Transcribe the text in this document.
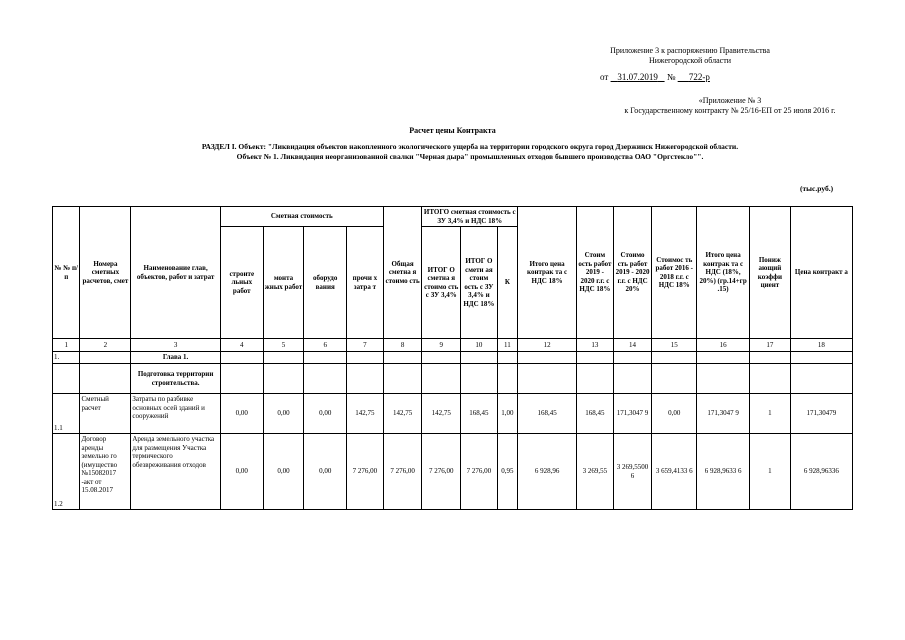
Приложение 3 к распоряжению Правительства
Нижегородской области
от 31.07.2019 № 722-р
«Приложение № 3
к Государственному контракту № 25/16-ЕП от 25 июля 2016 г.
Расчет цены Контракта
РАЗДЕЛ I. Объект: "Ликвидация объектов накопленного экологического ущерба на территории городского округа город Дзержинск Нижегородской области.
Объект № 1. Ликвидация неорганизованной свалки "Черная дыра" промышленных отходов бывшего производства ОАО "Оргстекло"".
(тыс.руб.)
№ № п/ п	Номера сметных расчетов, смет	Наименование глав, объектов, работ и затрат	Сметная стоимость				Общая сметна я стоимо сть	ИТОГО сметная стоимость с ЗУ 3,4% и НДС 18%			Итого цена контрак та с НДС 18%	Стоим ость работ 2019 - 2020 г.г. с НДС 18%	Стоимо сть работ 2019 - 2020 г.г. с НДС 20%	Стоимос ть работ 2016 - 2018 г.г. с НДС 18%	Итого цена контрак та с НДС (18%, 20%) (гр.14+гр .15)	Пониж ающий коэффи циент	Цена контракт а
			строите льных работ	монта жных работ	оборудо вания	прочи х затра т		ИТОГ О сметна я стоимо сть с ЗУ 3,4%	ИТОГ О смети ая стоим ость с ЗУ 3,4% и НДС 18%	К							
1	2	3	4	5	6	7	8	9	10	11	12	13	14	15	16	17	18
1.		Глава 1.															
		Подготовка территории строительства.															
1.1	Сметный расчет	Затраты по разбивке основных осей зданий и сооружений	0,00	0,00	0,00	142,75	142,75	142,75	168,45	1,00	168,45	168,45	171,3047 9	0,00	171,3047 9	1	171,30479
1.2	Договор аренды земельно го (имущество №15082017 -акт от 15.08.2017	Аренда земельного участка для размещения Участка термического обезвреживания отходов	0,00	0,00	0,00	7 276,00	7 276,00	7 276,00	7 276,00	0,95	6 928,96	3 269,55	3 269,5500 6	3 659,4133 6	6 928,9633 6	1	6 928,96336
